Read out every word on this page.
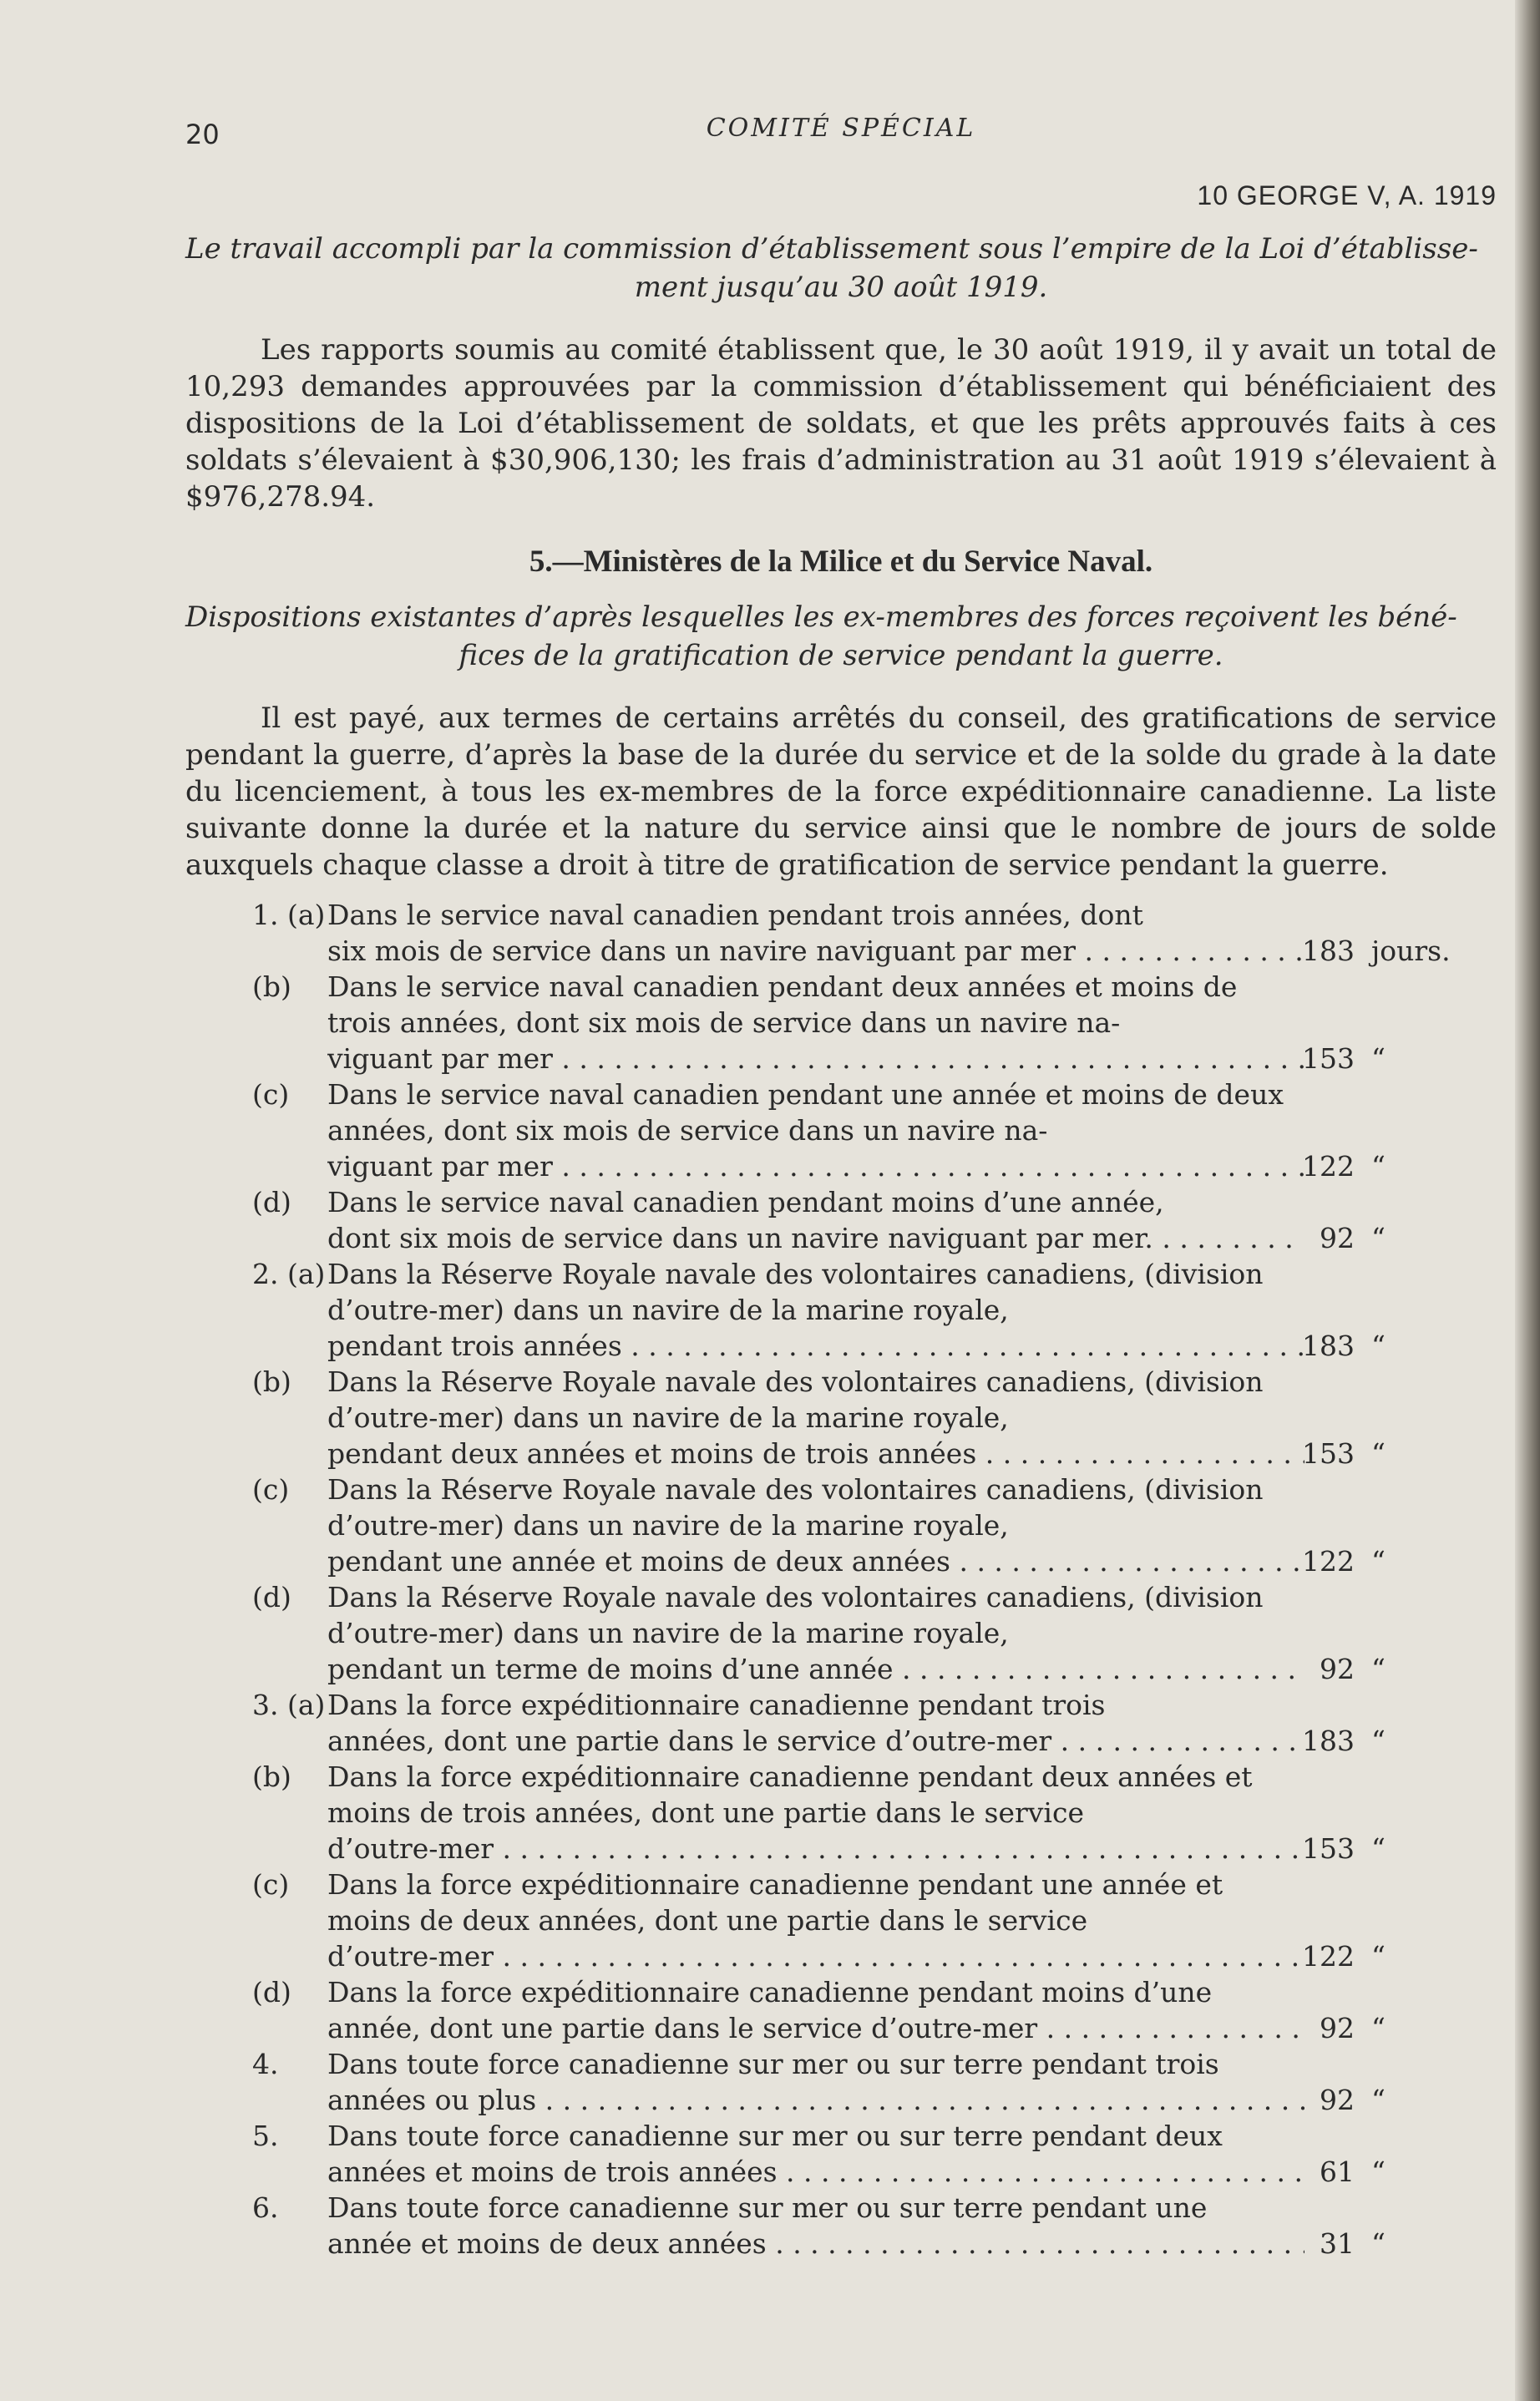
20	COMITÉ SPÉCIAL
10 GEORGE V, A. 1919
Le travail accompli par la commission d’établissement sous l’empire de la Loi d’établisse-
ment jusqu’au 30 août 1919.

Les rapports soumis au comité établissent que, le 30 août 1919, il y avait un total de 10,293 demandes approuvées par la commission d’établissement qui bénéficiaient des dispositions de la Loi d’établissement de soldats, et que les prêts approuvés faits à ces soldats s’élevaient à $30,906,130; les frais d’administration au 31 août 1919 s’élevaient à $976,278.94.

5.—Ministères de la Milice et du Service Naval.
Dispositions existantes d’après lesquelles les ex-membres des forces reçoivent les béné-
fices de la gratification de service pendant la guerre.

Il est payé, aux termes de certains arrêtés du conseil, des gratifications de service pendant la guerre, d’après la base de la durée du service et de la solde du grade à la date du licenciement, à tous les ex-membres de la force expéditionnaire canadienne. La liste suivante donne la durée et la nature du service ainsi que le nombre de jours de solde auxquels chaque classe a droit à titre de gratification de service pendant la guerre.

1. (a) Dans le service naval canadien pendant trois années, dont
six mois de service dans un navire naviguant par mer . . .	183 jours.
(b) Dans le service naval canadien pendant deux années et moins de trois années, dont six mois de service dans un navire na-
viguant par mer . . .	153 “
(c) Dans le service naval canadien pendant une année et moins de deux années, dont six mois de service dans un navire na-
viguant par mer . . .	122 “
(d) Dans le service naval canadien pendant moins d’une année,
dont six mois de service dans un navire naviguant par mer. . . .	92 “
2. (a) Dans la Réserve Royale navale des volontaires canadiens, (division d’outre-mer) dans un navire de la marine royale,
pendant trois années . . .	183 “
(b) Dans la Réserve Royale navale des volontaires canadiens, (division d’outre-mer) dans un navire de la marine royale,
pendant deux années et moins de trois années . . .	153 “
(c) Dans la Réserve Royale navale des volontaires canadiens, (division d’outre-mer) dans un navire de la marine royale,
pendant une année et moins de deux années . . .	122 “
(d) Dans la Réserve Royale navale des volontaires canadiens, (division d’outre-mer) dans un navire de la marine royale,
pendant un terme de moins d’une année . . .	92 “
3. (a) Dans la force expéditionnaire canadienne pendant trois
années, dont une partie dans le service d’outre-mer . . .	183 “
(b) Dans la force expéditionnaire canadienne pendant deux années et moins de trois années, dont une partie dans le service
d’outre-mer . . .	153 “
(c) Dans la force expéditionnaire canadienne pendant une année et moins de deux années, dont une partie dans le service
d’outre-mer . . .	122 “
(d) Dans la force expéditionnaire canadienne pendant moins d’une
année, dont une partie dans le service d’outre-mer . . .	92 “
4. Dans toute force canadienne sur mer ou sur terre pendant trois
années ou plus . . .	92 “
5. Dans toute force canadienne sur mer ou sur terre pendant deux
années et moins de trois années . . .	61 “
6. Dans toute force canadienne sur mer ou sur terre pendant une
année et moins de deux années . . .	31 “
